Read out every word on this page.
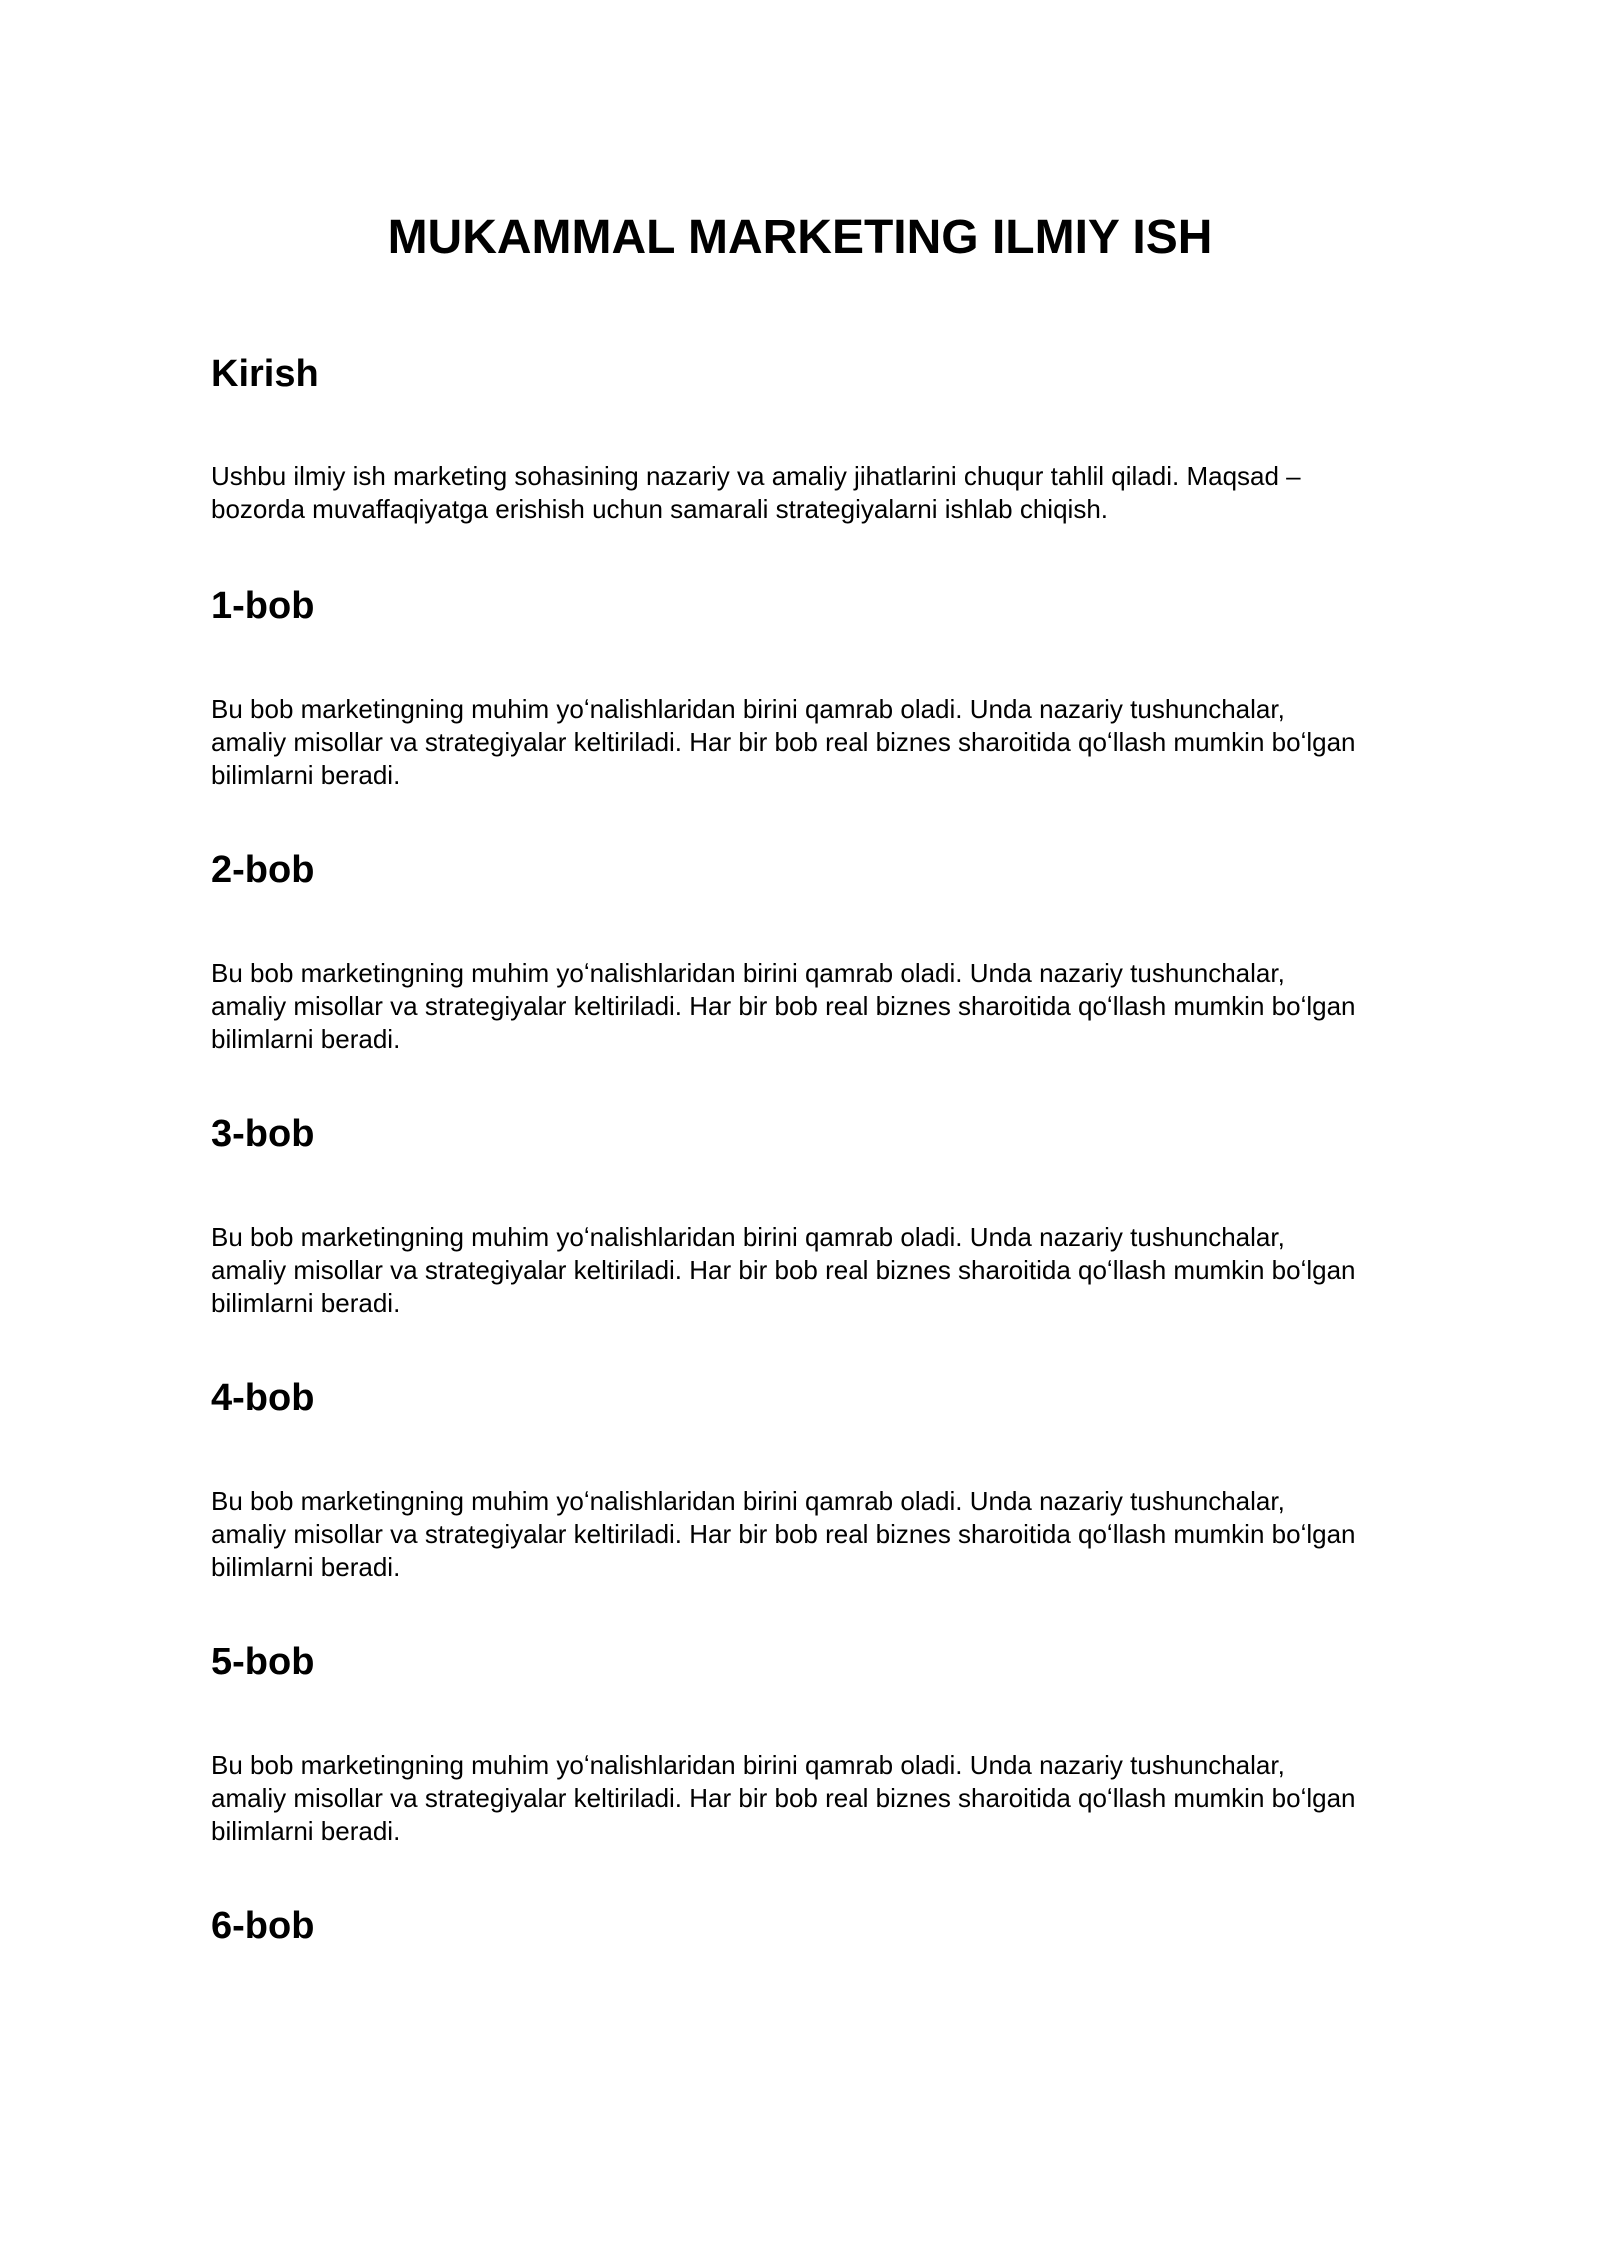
MUKAMMAL MARKETING ILMIY ISH
Kirish

Ushbu ilmiy ish marketing sohasining nazariy va amaliy jihatlarini chuqur tahlil qiladi. Maqsad –
bozorda muvaffaqiyatga erishish uchun samarali strategiyalarni ishlab chiqish.

1-bob

Bu bob marketingning muhim yoʻnalishlaridan birini qamrab oladi. Unda nazariy tushunchalar,
amaliy misollar va strategiyalar keltiriladi. Har bir bob real biznes sharoitida qoʻllash mumkin boʻlgan
bilimlarni beradi.

2-bob

Bu bob marketingning muhim yoʻnalishlaridan birini qamrab oladi. Unda nazariy tushunchalar,
amaliy misollar va strategiyalar keltiriladi. Har bir bob real biznes sharoitida qoʻllash mumkin boʻlgan
bilimlarni beradi.

3-bob

Bu bob marketingning muhim yoʻnalishlaridan birini qamrab oladi. Unda nazariy tushunchalar,
amaliy misollar va strategiyalar keltiriladi. Har bir bob real biznes sharoitida qoʻllash mumkin boʻlgan
bilimlarni beradi.

4-bob

Bu bob marketingning muhim yoʻnalishlaridan birini qamrab oladi. Unda nazariy tushunchalar,
amaliy misollar va strategiyalar keltiriladi. Har bir bob real biznes sharoitida qoʻllash mumkin boʻlgan
bilimlarni beradi.

5-bob

Bu bob marketingning muhim yoʻnalishlaridan birini qamrab oladi. Unda nazariy tushunchalar,
amaliy misollar va strategiyalar keltiriladi. Har bir bob real biznes sharoitida qoʻllash mumkin boʻlgan
bilimlarni beradi.

6-bob
